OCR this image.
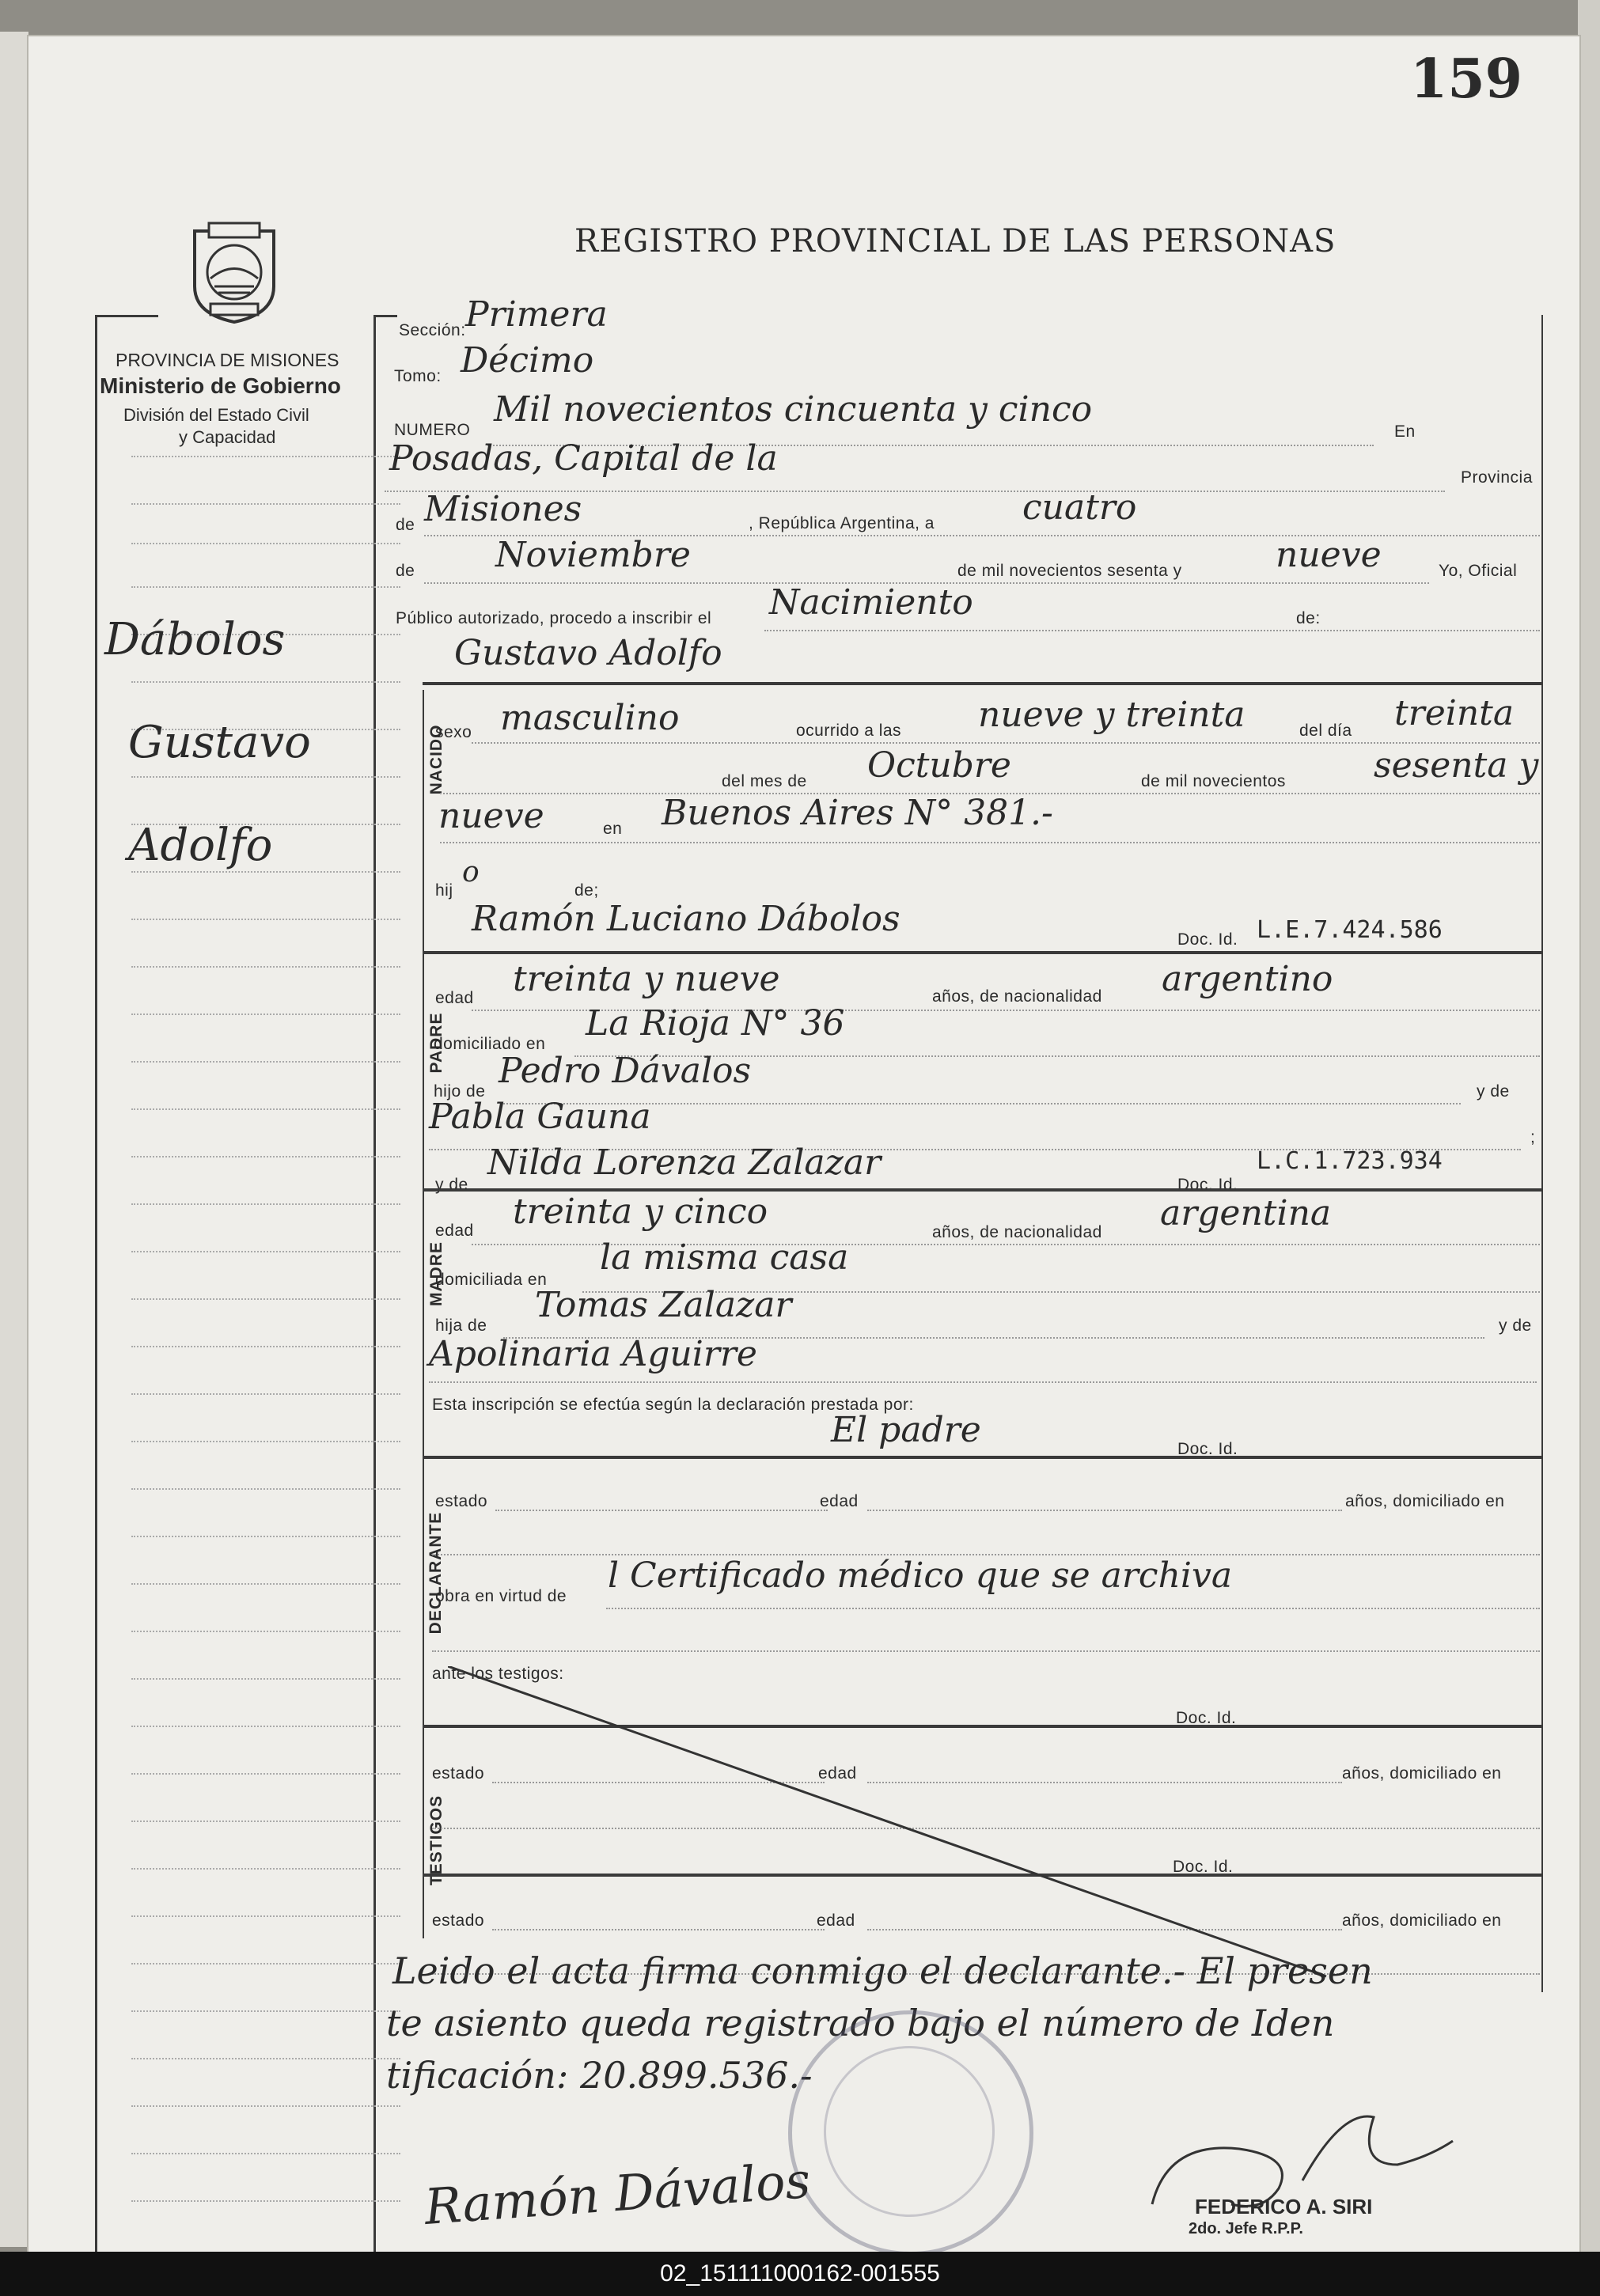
159
REGISTRO PROVINCIAL DE LAS PERSONAS
PROVINCIA DE MISIONES
Ministerio de Gobierno
División del Estado Civil
y Capacidad
Dábolos
Gustavo
Adolfo
Sección: Primera
Tomo: Décimo
NUMERO
Mil novecientos cincuenta y cinco
En
Posadas, Capital de la	Provincia
de Misiones	, República Argentina, a	cuatro
de Noviembre	de mil novecientos sesenta y	nueve	Yo, Oficial
Público autorizado, procedo a inscribir el Nacimiento	de:
Gustavo Adolfo
NACIDO
sexo masculino	ocurrido a las nueve y treinta	del día treinta
del mes de Octubre	de mil novecientos	sesenta y
nueve	en Buenos Aires N° 381.-
hij
o
de;
Ramón Luciano Dábolos
Doc. Id. L.E.7.424.586
PADRE
edad treinta y nueve	años, de nacionalidad argentino
domiciliado en
La Rioja N° 36
hijo de
Pedro Dávalos
y de
Pabla Gauna
;
y de
Nilda Lorenza Zalazar
Doc. Id.
L.C.1.723.934
MADRE
edad treinta y cinco
años, de nacionalidad argentina
domiciliada en
la misma casa
hija de
Tomas Zalazar
y de
Apolinaria Aguirre
Esta inscripción se efectúa según la declaración prestada por:
El padre	Doc. Id.
DECLARANTE
estado	edad	años, domiciliado en
obra en virtud de
l Certificado médico que se archiva
ante los testigos:
Doc. Id.
TESTIGOS
estado	edad	años, domiciliado en
Doc. Id.
estado	edad	años, domiciliado en
Leido el acta firma conmigo el declarante.- El presen
te asiento queda registrado bajo el número de Iden
tificación: 20.899.536.-
Ramón Dávalos	FEDERICO A. SIRI
2do. Jefe R.P.P.
02_151111000162-001555
